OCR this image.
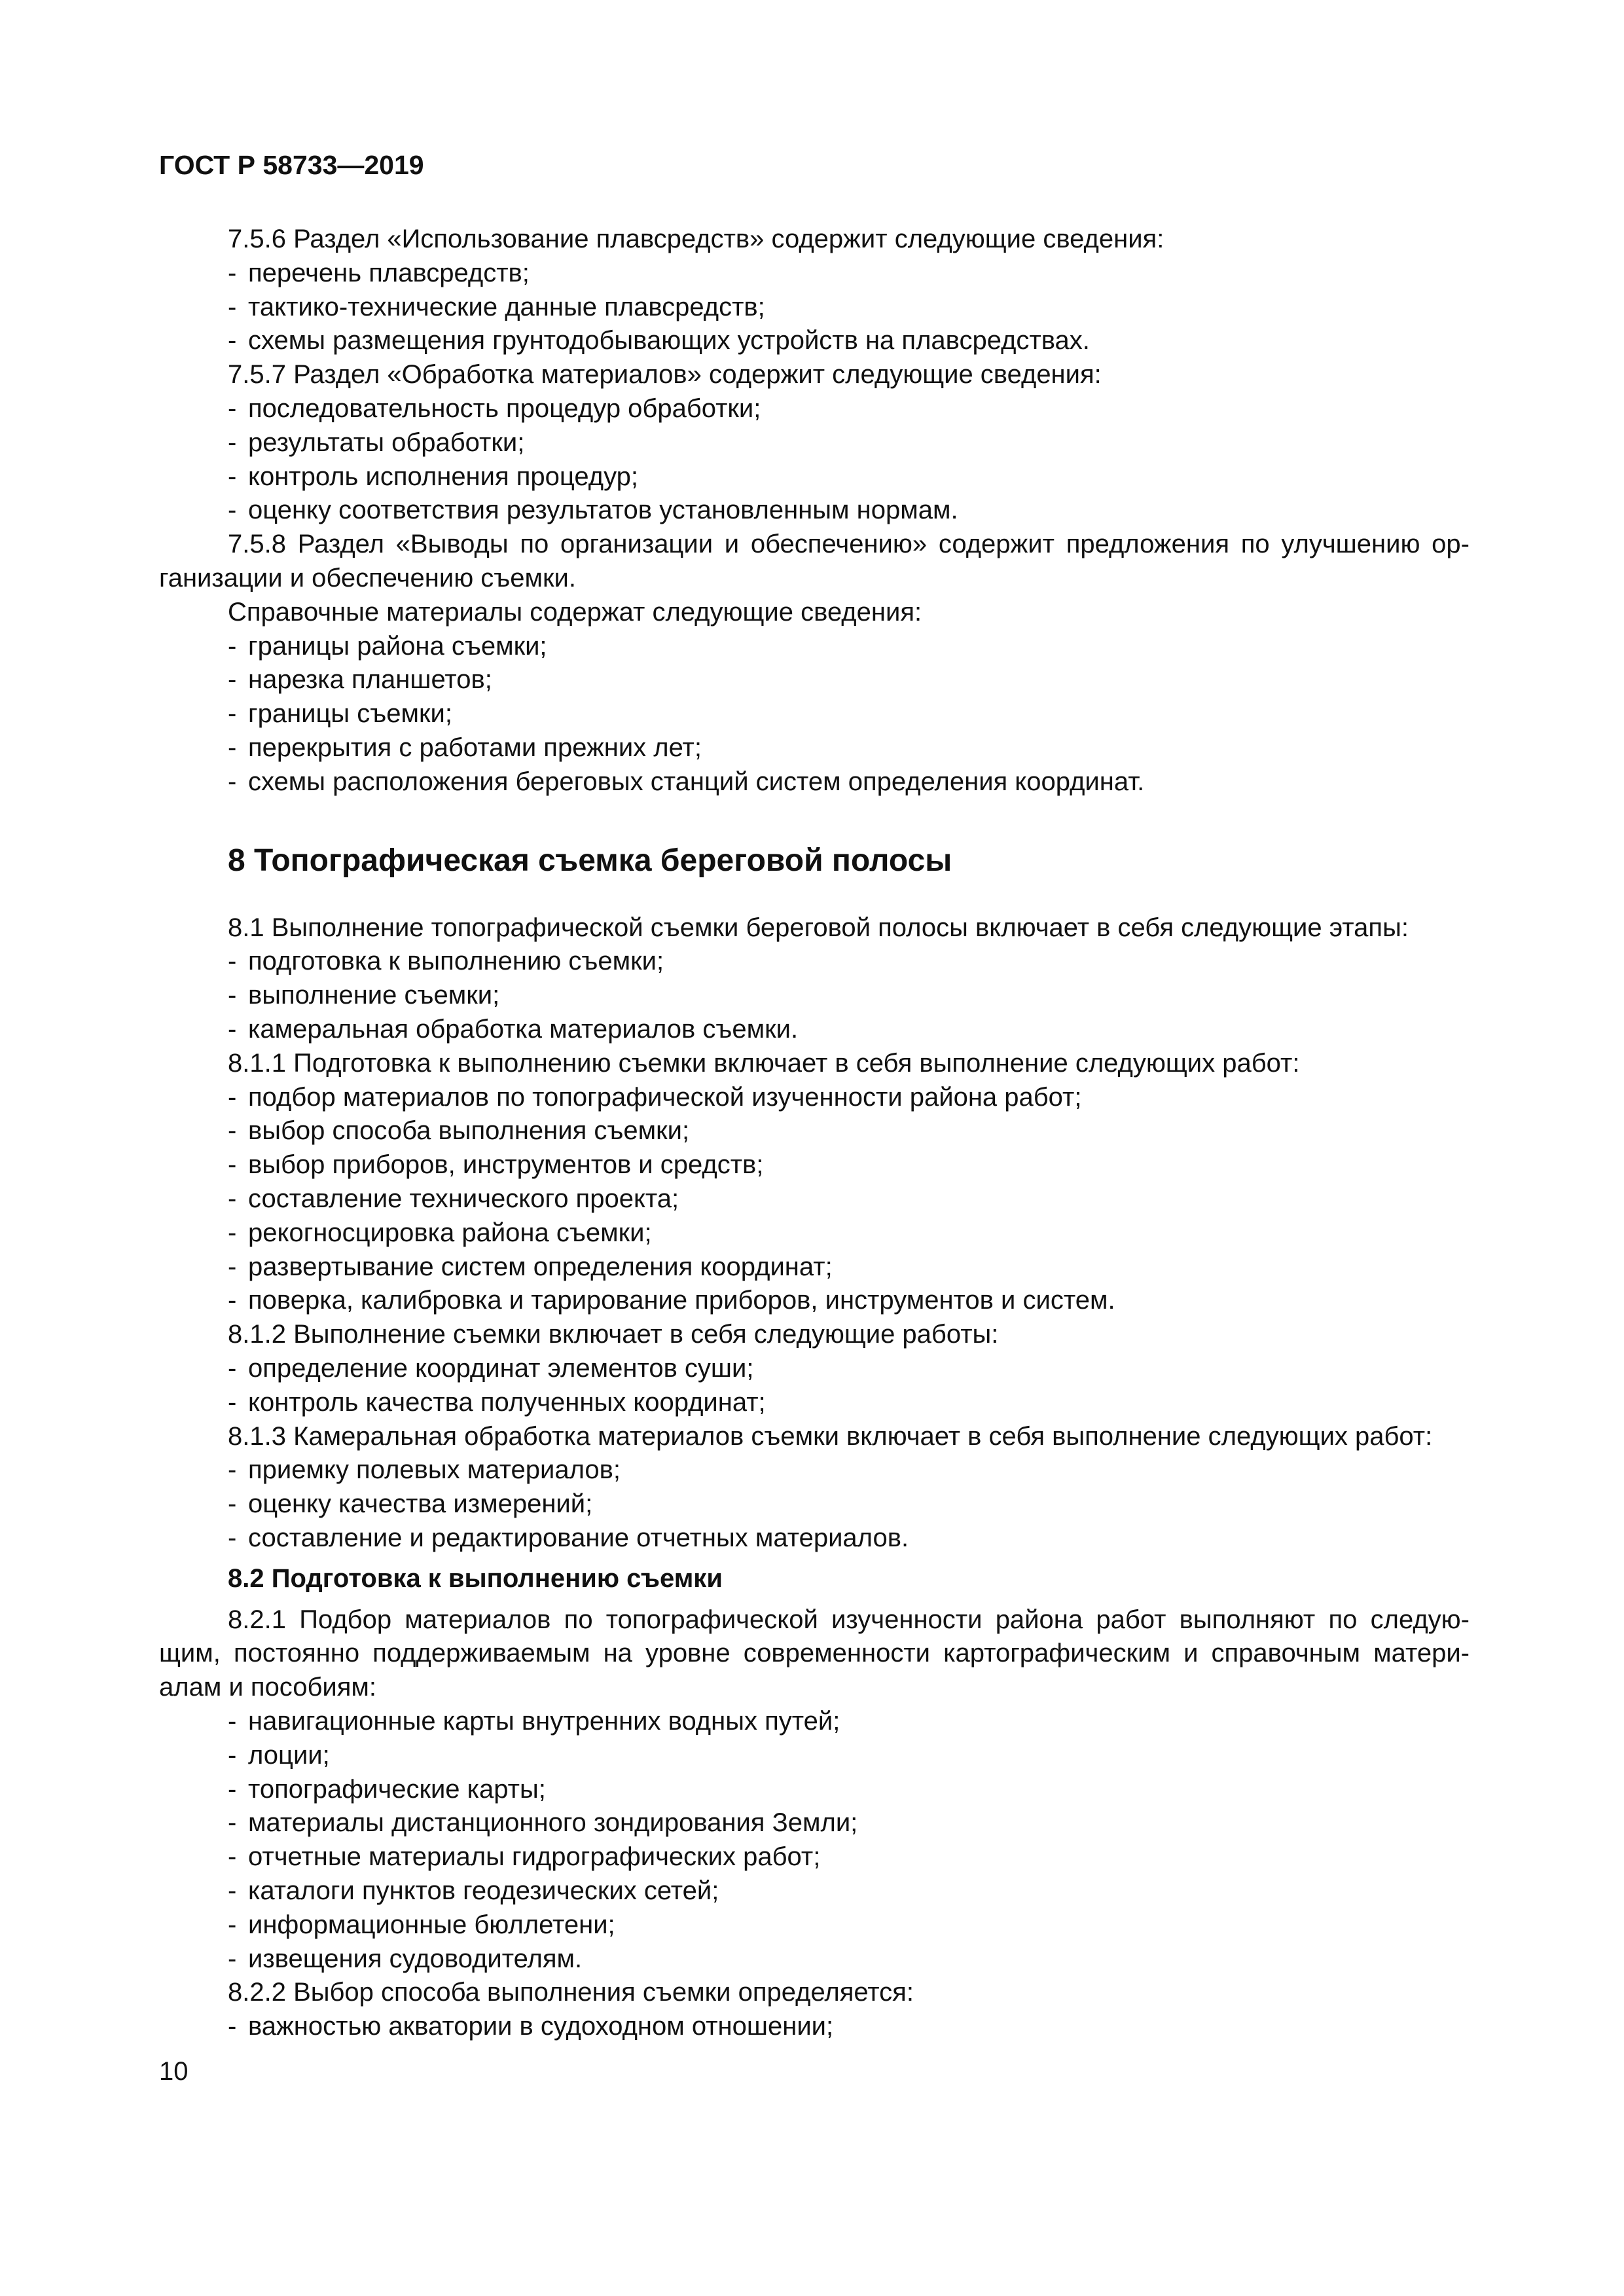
ГОСТ Р 58733—2019
7.5.6 Раздел «Использование плавсредств» содержит следующие сведения:
- перечень плавсредств;
- тактико-технические данные плавсредств;
- схемы размещения грунтодобывающих устройств на плавсредствах.
7.5.7 Раздел «Обработка материалов» содержит следующие сведения:
- последовательность процедур обработки;
- результаты обработки;
- контроль исполнения процедур;
- оценку соответствия результатов установленным нормам.
7.5.8 Раздел «Выводы по организации и обеспечению» содержит предложения по улучшению ор-
ганизации и обеспечению съемки.
Справочные материалы содержат следующие сведения:
- границы района съемки;
- нарезка планшетов;
- границы съемки;
- перекрытия с работами прежних лет;
- схемы расположения береговых станций систем определения координат.
8 Топографическая съемка береговой полосы
8.1 Выполнение топографической съемки береговой полосы включает в себя следующие этапы:
- подготовка к выполнению съемки;
- выполнение съемки;
- камеральная обработка материалов съемки.
8.1.1 Подготовка к выполнению съемки включает в себя выполнение следующих работ:
- подбор материалов по топографической изученности района работ;
- выбор способа выполнения съемки;
- выбор приборов, инструментов и средств;
- составление технического проекта;
- рекогносцировка района съемки;
- развертывание систем определения координат;
- поверка, калибровка и тарирование приборов, инструментов и систем.
8.1.2 Выполнение съемки включает в себя следующие работы:
- определение координат элементов суши;
- контроль качества полученных координат;
8.1.3 Камеральная обработка материалов съемки включает в себя выполнение следующих работ:
- приемку полевых материалов;
- оценку качества измерений;
- составление и редактирование отчетных материалов.
8.2 Подготовка к выполнению съемки
8.2.1 Подбор материалов по топографической изученности района работ выполняют по следую-
щим, постоянно поддерживаемым на уровне современности картографическим и справочным матери-
алам и пособиям:
- навигационные карты внутренних водных путей;
- лоции;
- топографические карты;
- материалы дистанционного зондирования Земли;
- отчетные материалы гидрографических работ;
- каталоги пунктов геодезических сетей;
- информационные бюллетени;
- извещения судоводителям.
8.2.2 Выбор способа выполнения съемки определяется:
- важностью акватории в судоходном отношении;
10
